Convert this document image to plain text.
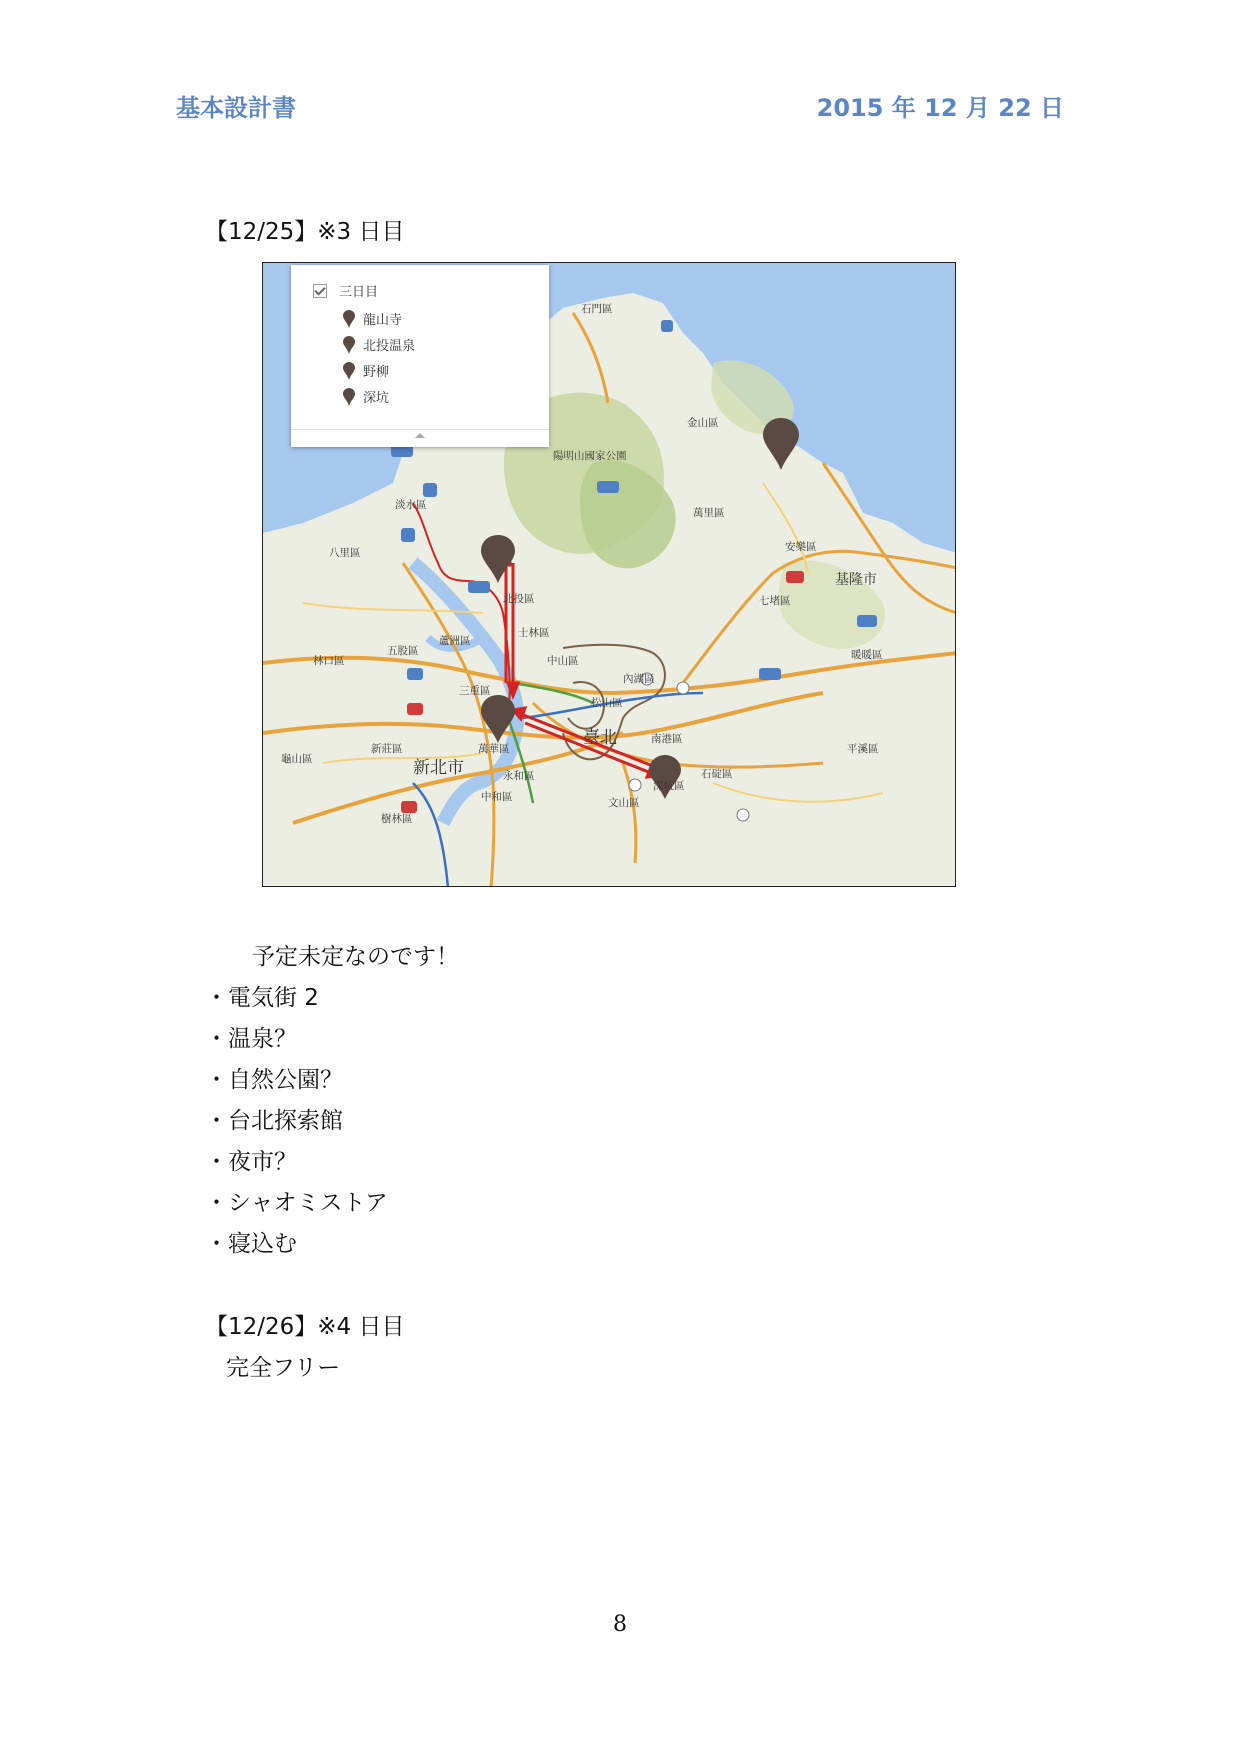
基本設計書	2015 年 12 月 22 日
【12/25】※3 日目
石門區
金山區
陽明山國家公園
淡水區
萬里區
八里區	安樂區
基隆市
北投區	七堵區
士林區
五股區
蘆洲區
林口區	暖暖區
中山區
內湖區
三重區
松山區
臺北	南港區
新莊區	萬華區
新北市
龜山區
平溪區
永和區	石碇區
深坑區
中和區	文山區
樹林區
三日目
龍山寺
北投温泉
野柳
深坑
予定未定なのです！
・電気街 2
・温泉？
・自然公園？
・台北探索館
・夜市？
・シャオミストア
・寝込む
【12/26】※4 日目
完全フリー
8
